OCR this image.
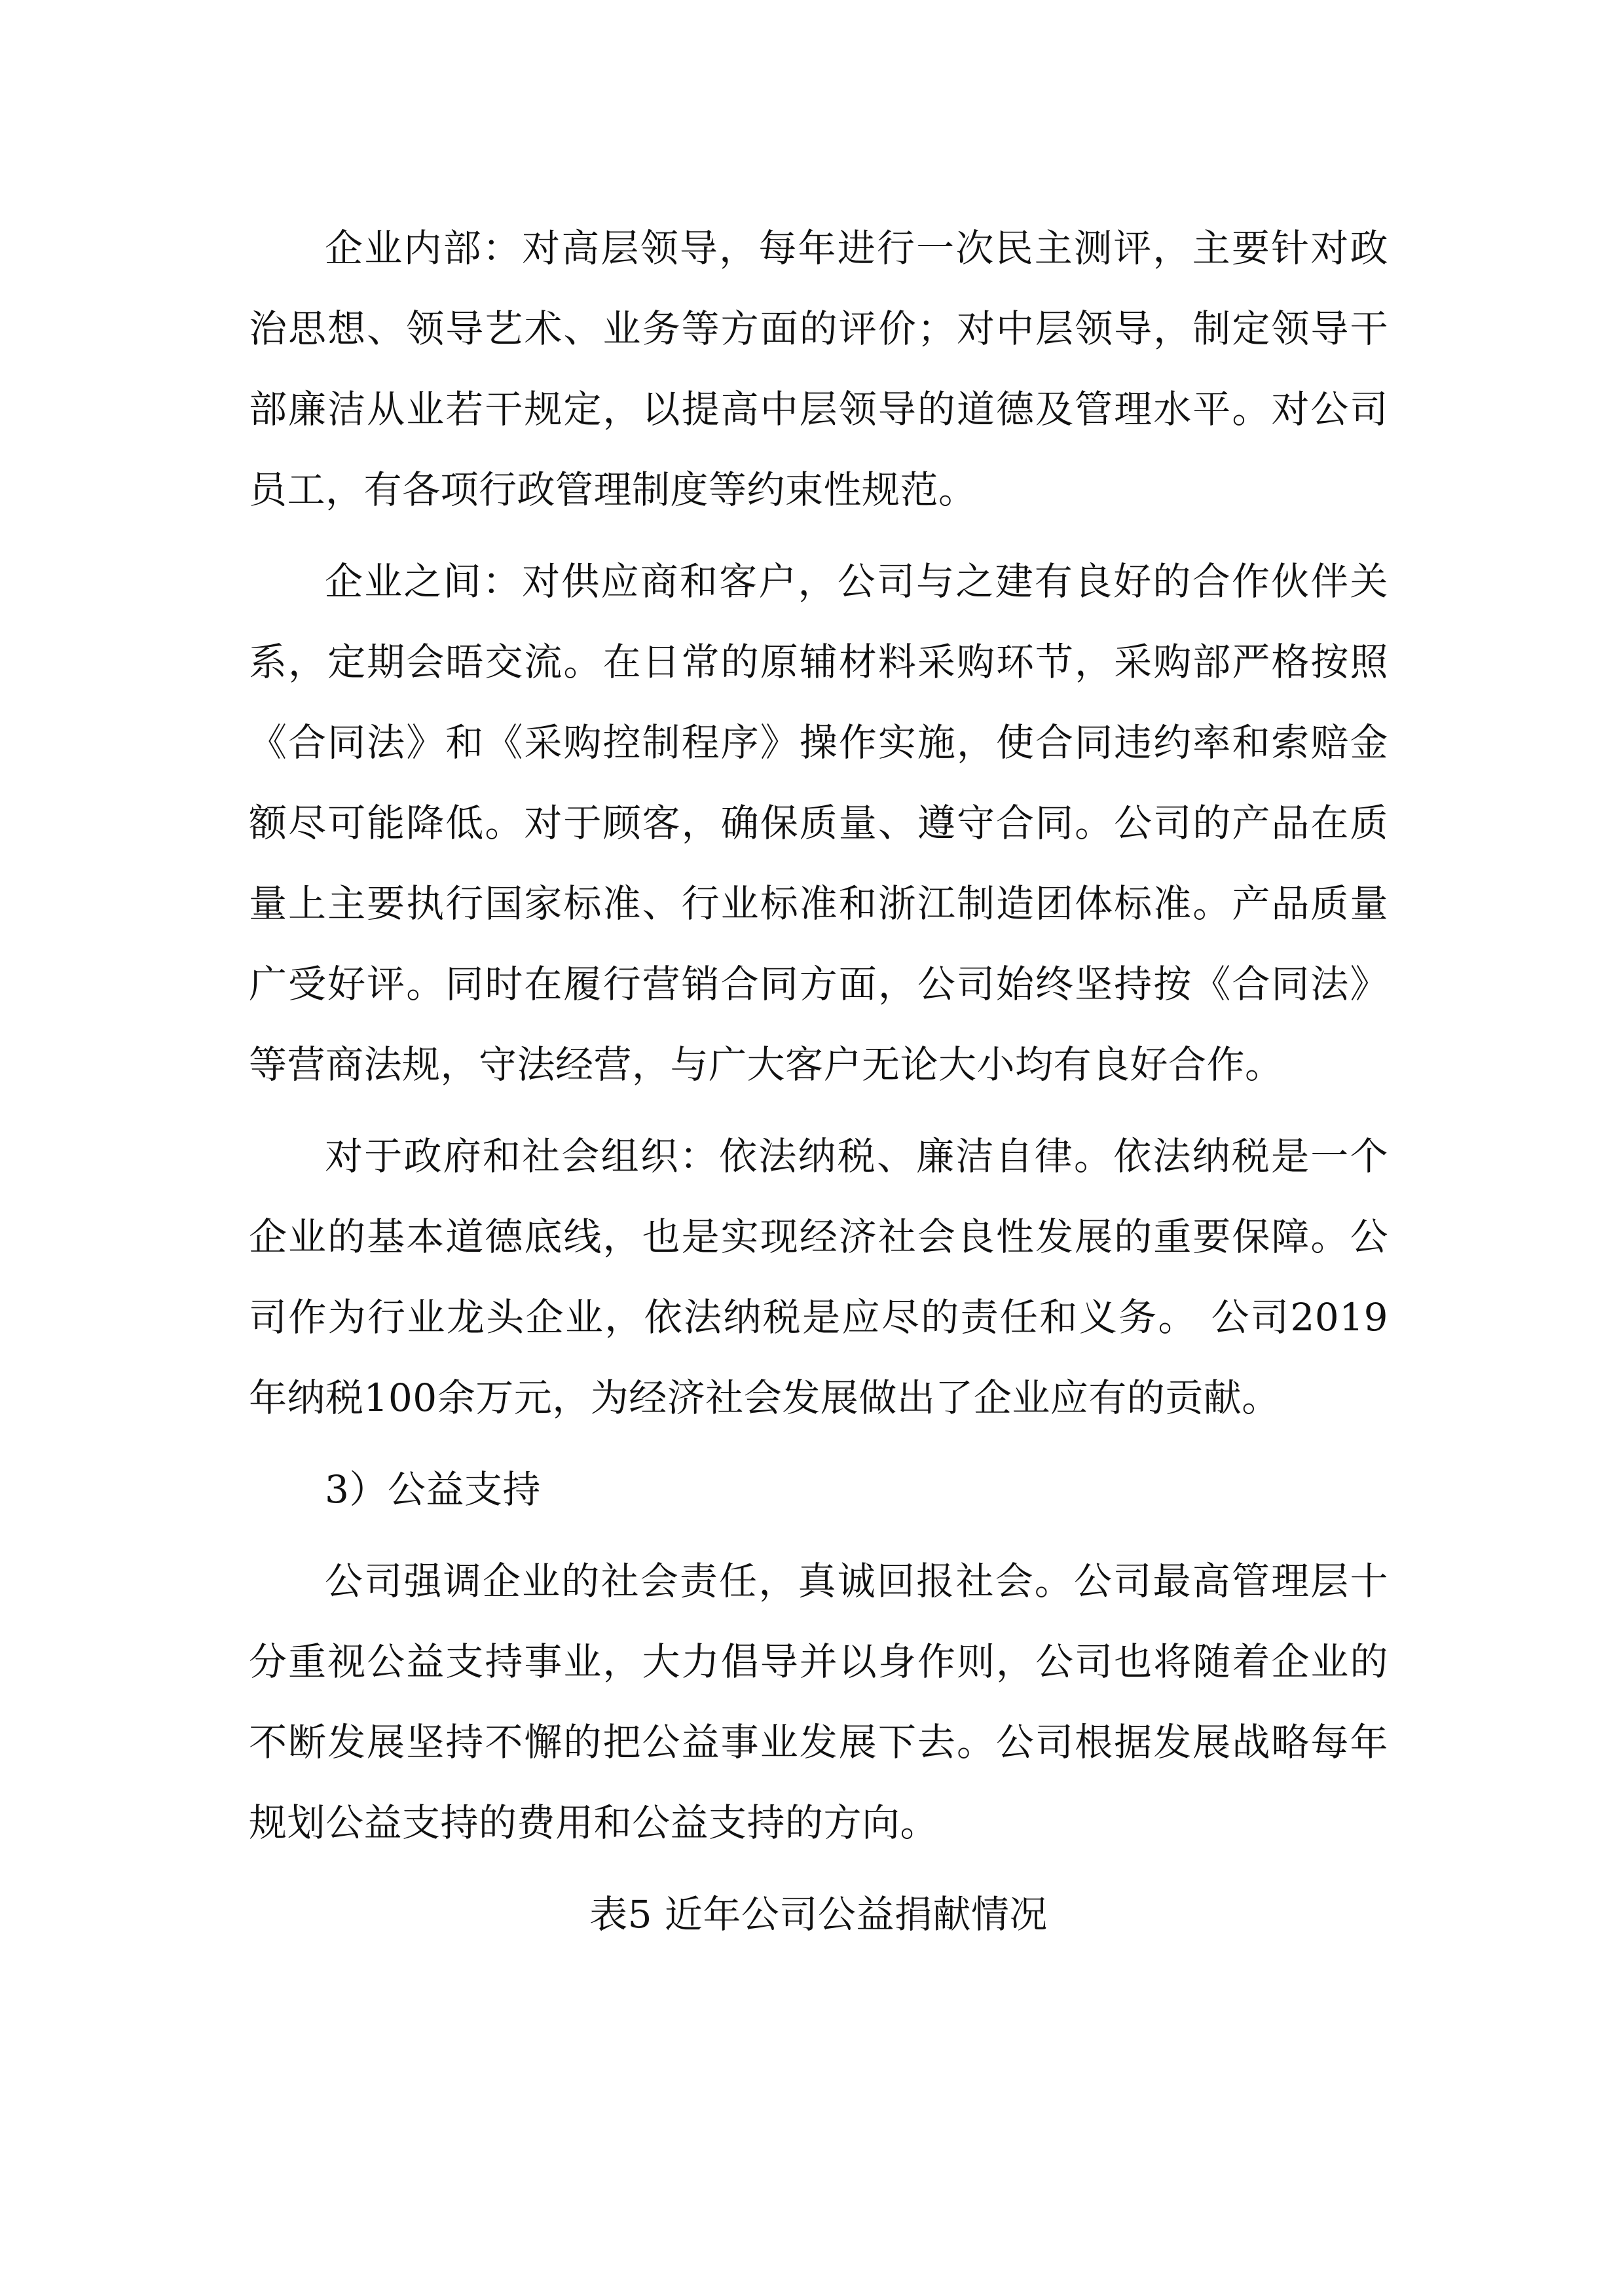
企业内部：对高层领导，每年进行一次民主测评，主要针对政治思想、领导艺术、业务等方面的评价；对中层领导，制定领导干部廉洁从业若干规定，以提高中层领导的道德及管理水平。对公司员工，有各项行政管理制度等约束性规范。

企业之间：对供应商和客户，公司与之建有良好的合作伙伴关系，定期会晤交流。在日常的原辅材料采购环节，采购部严格按照《合同法》和《采购控制程序》操作实施，使合同违约率和索赔金额尽可能降低。对于顾客，确保质量、遵守合同。公司的产品在质量上主要执行国家标准、行业标准和浙江制造团体标准。产品质量广受好评。同时在履行营销合同方面，公司始终坚持按《合同法》等营商法规，守法经营，与广大客户无论大小均有良好合作。

对于政府和社会组织：依法纳税、廉洁自律。依法纳税是一个企业的基本道德底线，也是实现经济社会良性发展的重要保障。公司作为行业龙头企业，依法纳税是应尽的责任和义务。 公司2019年纳税100余万元，为经济社会发展做出了企业应有的贡献。

3）公益支持

公司强调企业的社会责任，真诚回报社会。公司最高管理层十分重视公益支持事业，大力倡导并以身作则，公司也将随着企业的不断发展坚持不懈的把公益事业发展下去。公司根据发展战略每年规划公益支持的费用和公益支持的方向。

表5 近年公司公益捐献情况
